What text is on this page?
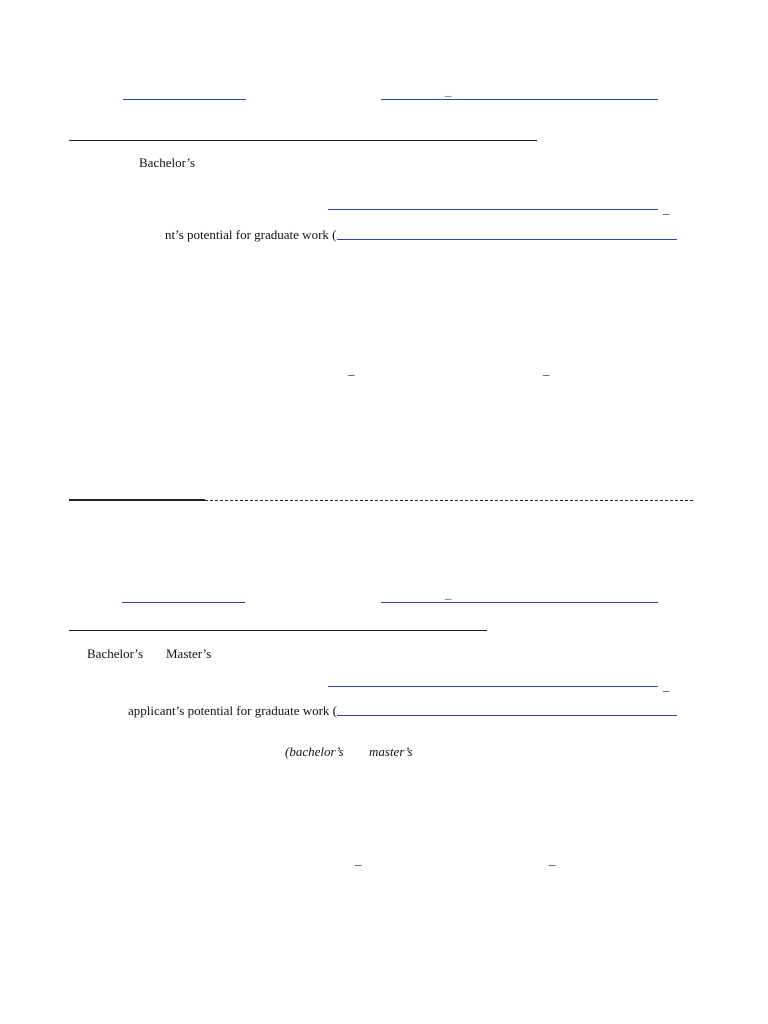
_
Bachelor’s
_
nt’s potential for graduate work (
_	_
_
Bachelor’s Master’s
_
applicant’s potential for graduate work (
(bachelor’s master’s
_	_
